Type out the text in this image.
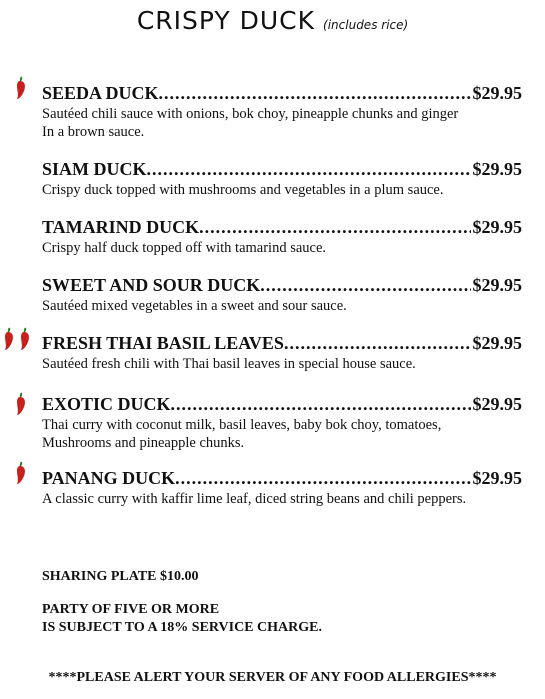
CRISPY DUCK (includes rice)
SEEDA DUCK .....	$29.95
Sautéed chili sauce with onions, bok choy, pineapple chunks and ginger
In a brown sauce.
SIAM DUCK .....	$29.95
Crispy duck topped with mushrooms and vegetables in a plum sauce.
TAMARIND DUCK .....	$29.95
Crispy half duck topped off with tamarind sauce.
SWEET AND SOUR DUCK .....	$29.95
Sautéed mixed vegetables in a sweet and sour sauce.
FRESH THAI BASIL LEAVES .....	$29.95
Sautéed fresh chili with Thai basil leaves in special house sauce.
EXOTIC DUCK .....	$29.95
Thai curry with coconut milk, basil leaves, baby bok choy, tomatoes,
Mushrooms and pineapple chunks.
PANANG DUCK .....	$29.95
A classic curry with kaffir lime leaf, diced string beans and chili peppers.
SHARING PLATE $10.00
PARTY OF FIVE OR MORE
IS SUBJECT TO A 18% SERVICE CHARGE.
****PLEASE ALERT YOUR SERVER OF ANY FOOD ALLERGIES****
